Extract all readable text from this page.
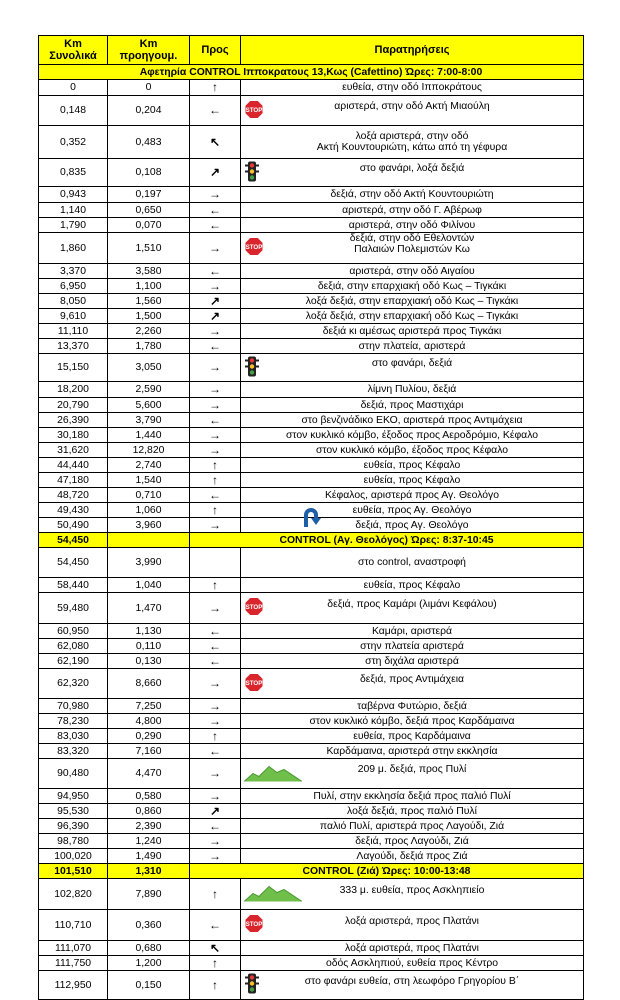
Km
Συνολικά	Km
προηγουμ.	Προς	Παρατηρήσεις
Αφετηρία CONTROL Ιπποκρατους 13,Κως (Cafettino) Ώρες: 7:00-8:00			
0	0	↑	ευθεία, στην οδό Ιπποκράτους

0,148	0,204	←	STOP αριστερά, στην οδό Ακτή Μιαούλη

0,352	0,483	↖	λοξά αριστερά, στην οδό
Ακτή Κουντουριώτη, κάτω από τη γέφυρα

0,835	0,108	↗	στο φανάρι, λοξά δεξιά

0,943	0,197	→	δεξιά, στην οδό Ακτή Κουντουριώτη

1,140	0,650	←	αριστερά, στην οδό Γ. Αβέρωφ

1,790	0,070	←	αριστερά, στην οδό Φιλίνου

1,860	1,510	→	STOP
δεξιά, στην οδό Εθελοντών
Παλαιών Πολεμιστών Κω

3,370	3,580	←	αριστερά, στην οδό Αιγαίου

6,950	1,100	→	δεξιά, στην επαρχιακή οδό Κως – Τιγκάκι

8,050	1,560	↗	λοξά δεξιά, στην επαρχιακή οδό Κως – Τιγκάκι

9,610	1,500	↗	λοξά δεξιά, στην επαρχιακή οδό Κως – Τιγκάκι

11,110	2,260	→	δεξιά κι αμέσως αριστερά προς Τιγκάκι

13,370	1,780	←	στην πλατεία, αριστερά

15,150	3,050	→	στο φανάρι, δεξιά

18,200	2,590	→	λίμνη Πυλίου, δεξιά

20,790	5,600	→	δεξιά, προς Μαστιχάρι

26,390	3,790	←	στο βενζινάδικο ΕΚΟ, αριστερά προς Αντιμάχεια

30,180	1,440	→	στον κυκλικό κόμβο, έξοδος προς Αεροδρόμιο, Κέφαλο

31,620	12,820	→	στον κυκλικό κόμβο, έξοδος προς Κέφαλο

44,440	2,740	↑	ευθεία, προς Κέφαλο

47,180	1,540	↑	ευθεία, προς Κέφαλο

48,720	0,710	←	Κέφαλος, αριστερά προς Αγ. Θεολόγο

49,430	1,060	↑	ευθεία, προς Αγ. Θεολόγο

50,490	3,960	→	δεξιά, προς Αγ. Θεολόγο

54,450		CONTROL (Αγ. Θεολόγος) Ώρες: 8:37-10:45	
54,450	3,990		στο control, αναστροφή

58,440	1,040	↑	ευθεία, προς Κέφαλο

59,480	1,470	→	STOP δεξιά, προς Καμάρι (λιμάνι Κεφάλου)

60,950	1,130	←	Καμάρι, αριστερά

62,080	0,110	←	στην πλατεία αριστερά

62,190	0,130	←	στη διχάλα αριστερά

62,320	8,660	→	STOP δεξιά, προς Αντιμάχεια

70,980	7,250	→	ταβέρνα Φυτώριο, δεξιά

78,230	4,800	→	στον κυκλικό κόμβο, δεξιά προς Καρδάμαινα

83,030	0,290	↑	ευθεία, προς Καρδάμαινα

83,320	7,160	←	Καρδάμαινα, αριστερά στην εκκλησία

90,480	4,470	→	209 μ. δεξιά, προς Πυλί

94,950	0,580	→	Πυλί, στην εκκλησία δεξιά προς παλιό Πυλί

95,530	0,860	↗	λοξά δεξιά, προς παλιό Πυλί

96,390	2,390	←	παλιό Πυλί, αριστερά προς Λαγούδι, Ζιά

98,780	1,240	→	δεξιά, προς Λαγούδι, Ζιά

100,020	1,490	→	Λαγούδι, δεξιά προς Ζιά

101,510	1,310	CONTROL (Ζιά) Ώρες: 10:00-13:48	
102,820	7,890	↑	333 μ. ευθεία, προς Ασκληπιείο

110,710	0,360	←	STOP λοξά αριστερά, προς Πλατάνι

111,070	0,680	↖	λοξά αριστερά, προς Πλατάνι

111,750	1,200	↑	οδός Ασκληπιού, ευθεία προς Κέντρο

112,950	0,150	↑	στο φανάρι ευθεία, στη λεωφόρο Γρηγορίου Β΄
